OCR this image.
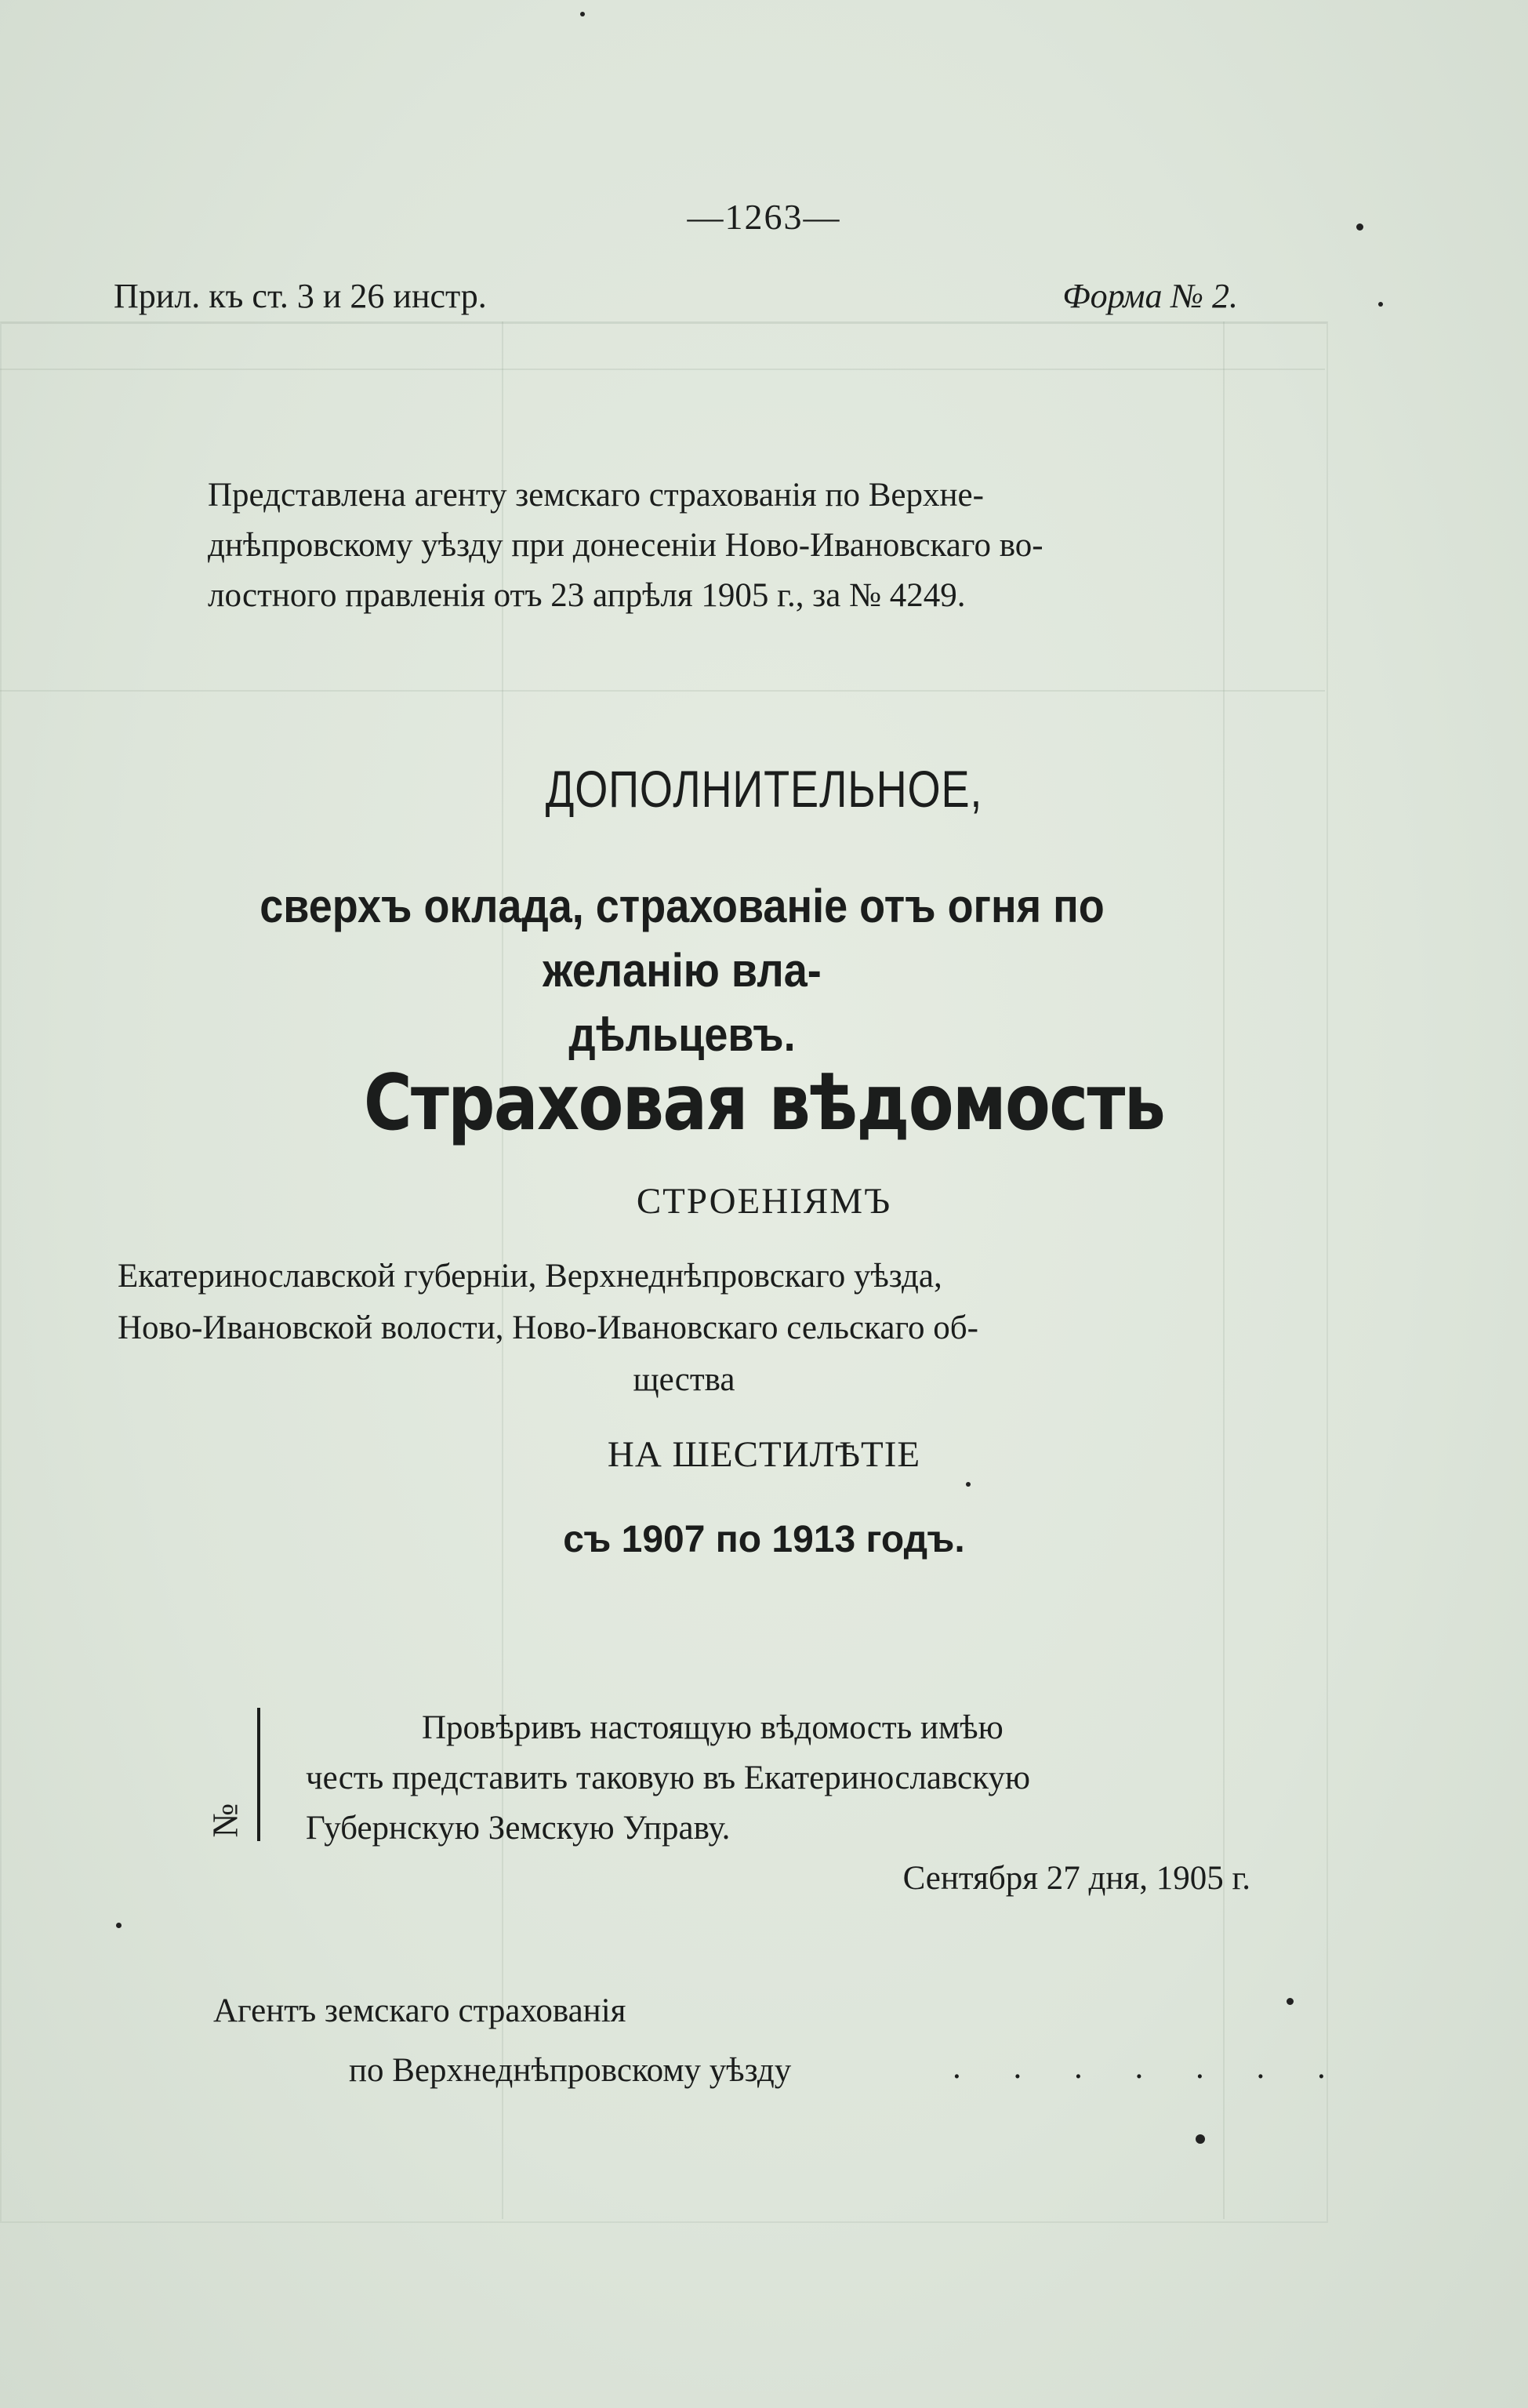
—1263—
Прил. къ ст. 3 и 26 инстр.	Форма № 2.

Представлена агенту земскаго страхованія по Верхне-

днѣпровскому уѣзду при донесеніи Ново-Ивановскаго во-

лостного правленія отъ 23 апрѣля 1905 г., за № 4249.

ДОПОЛНИТЕЛЬНОЕ,
сверхъ оклада, страхованіе отъ огня по желанію вла-
дѣльцевъ.
Страховая вѣдомость
СТРОЕНІЯМЪ
Екатеринославской губерніи, Верхнеднѣпровскаго уѣзда,
Ново-Ивановской волости, Ново-Ивановскаго сельскаго об-
щества
НА ШЕСТИЛѢТІЕ
съ 1907 по 1913 годъ.
№

Провѣривъ настоящую вѣдомость имѣю

честь представить таковую въ Екатеринославскую

Губернскую Земскую Управу.

Сентября 27 дня, 1905 г.

Агентъ земскаго страхованія
по Верхнеднѣпровскому уѣзду	. . . . . . .
